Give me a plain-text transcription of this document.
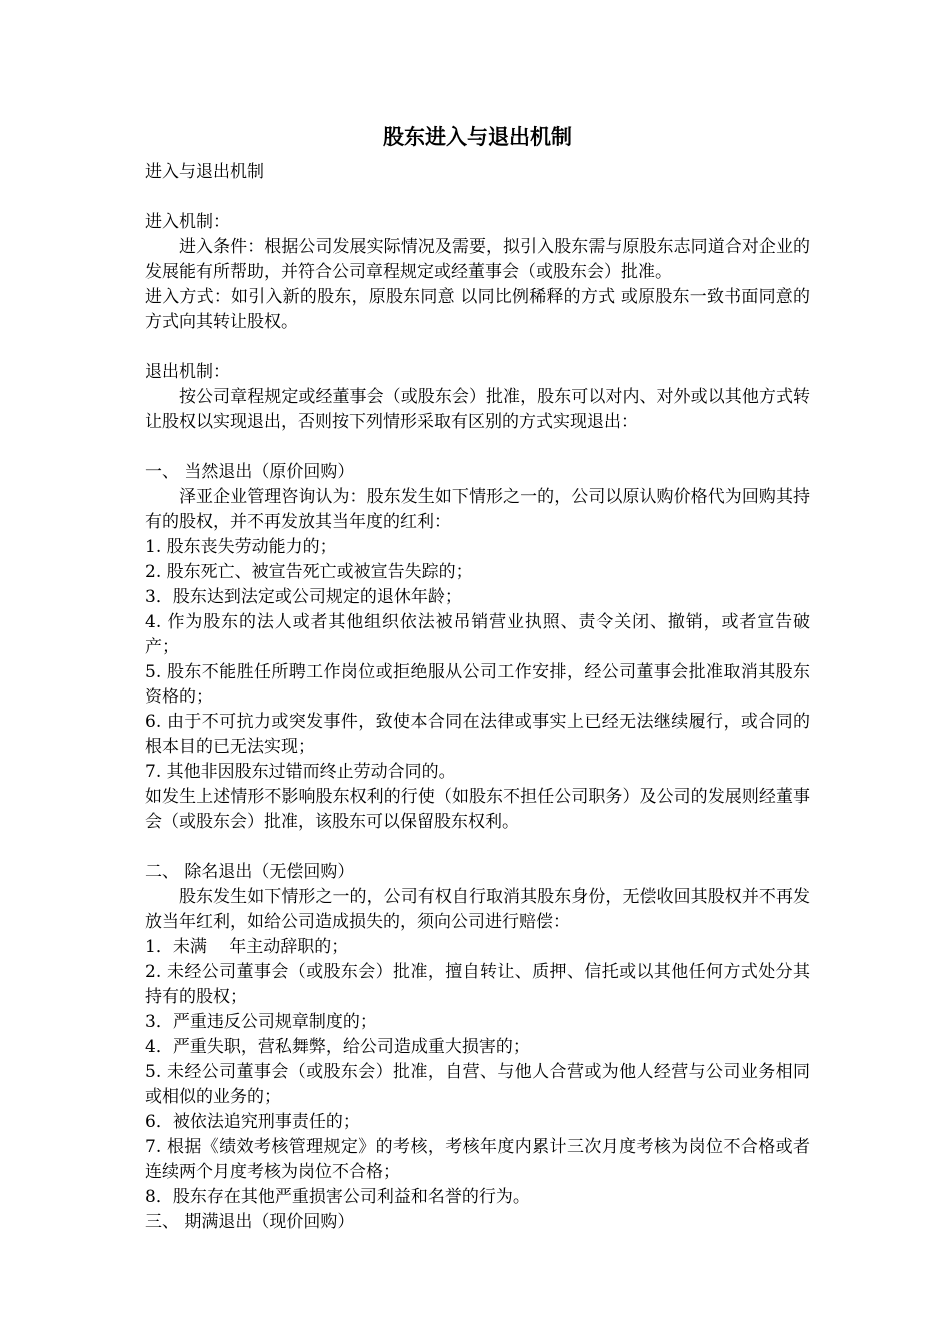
股东进入与退出机制

进入与退出机制

进入机制：

进入条件：根据公司发展实际情况及需要，拟引入股东需与原股东志同道合对企业的发展能有所帮助，并符合公司章程规定或经董事会（或股东会）批准。

进入方式：如引入新的股东，原股东同意 以同比例稀释的方式 或原股东一致书面同意的方式向其转让股权。

退出机制：

按公司章程规定或经董事会（或股东会）批准，股东可以对内、对外或以其他方式转让股权以实现退出，否则按下列情形采取有区别的方式实现退出：

一、 当然退出（原价回购）

泽亚企业管理咨询认为：股东发生如下情形之一的，公司以原认购价格代为回购其持有的股权，并不再发放其当年度的红利：

1. 股东丧失劳动能力的；

2. 股东死亡、被宣告死亡或被宣告失踪的；

3．股东达到法定或公司规定的退休年龄；

4. 作为股东的法人或者其他组织依法被吊销营业执照、责令关闭、撤销，或者宣告破产；

5. 股东不能胜任所聘工作岗位或拒绝服从公司工作安排，经公司董事会批准取消其股东资格的；

6. 由于不可抗力或突发事件，致使本合同在法律或事实上已经无法继续履行，或合同的根本目的已无法实现；

7. 其他非因股东过错而终止劳动合同的。

如发生上述情形不影响股东权利的行使（如股东不担任公司职务）及公司的发展则经董事会（或股东会）批准，该股东可以保留股东权利。

二、 除名退出（无偿回购）

股东发生如下情形之一的，公司有权自行取消其股东身份，无偿收回其股权并不再发放当年红利，如给公司造成损失的，须向公司进行赔偿：

1．未满　 年主动辞职的；

2. 未经公司董事会（或股东会）批准，擅自转让、质押、信托或以其他任何方式处分其持有的股权；

3．严重违反公司规章制度的；

4．严重失职，营私舞弊，给公司造成重大损害的；

5. 未经公司董事会（或股东会）批准，自营、与他人合营或为他人经营与公司业务相同或相似的业务的；

6．被依法追究刑事责任的；

7. 根据《绩效考核管理规定》的考核，考核年度内累计三次月度考核为岗位不合格或者连续两个月度考核为岗位不合格；

8．股东存在其他严重损害公司利益和名誉的行为。

三、 期满退出（现价回购）
